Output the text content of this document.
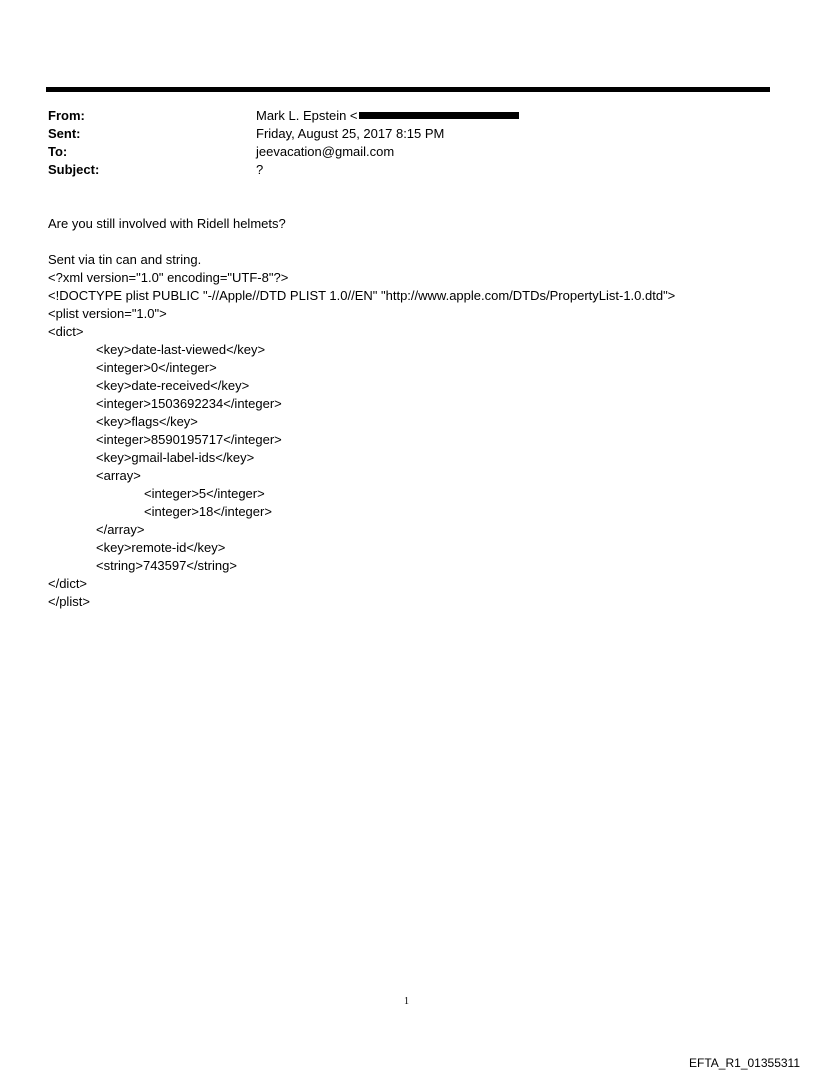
From:	Mark L. Epstein <
Sent:	Friday, August 25, 2017 8:15 PM
To:	jeevacation@gmail.com
Subject:	?
Are you still involved with Ridell helmets?
Sent via tin can and string.
<?xml version="1.0" encoding="UTF-8"?>
<!DOCTYPE plist PUBLIC "-//Apple//DTD PLIST 1.0//EN" "http://www.apple.com/DTDs/PropertyList-1.0.dtd">
<plist version="1.0">
<dict>
<key>date-last-viewed</key>
<integer>0</integer>
<key>date-received</key>
<integer>1503692234</integer>
<key>flags</key>
<integer>8590195717</integer>
<key>gmail-label-ids</key>
<array>
<integer>5</integer>
<integer>18</integer>
</array>
<key>remote-id</key>
<string>743597</string>
</dict>
</plist>
1
EFTA_R1_01355311
